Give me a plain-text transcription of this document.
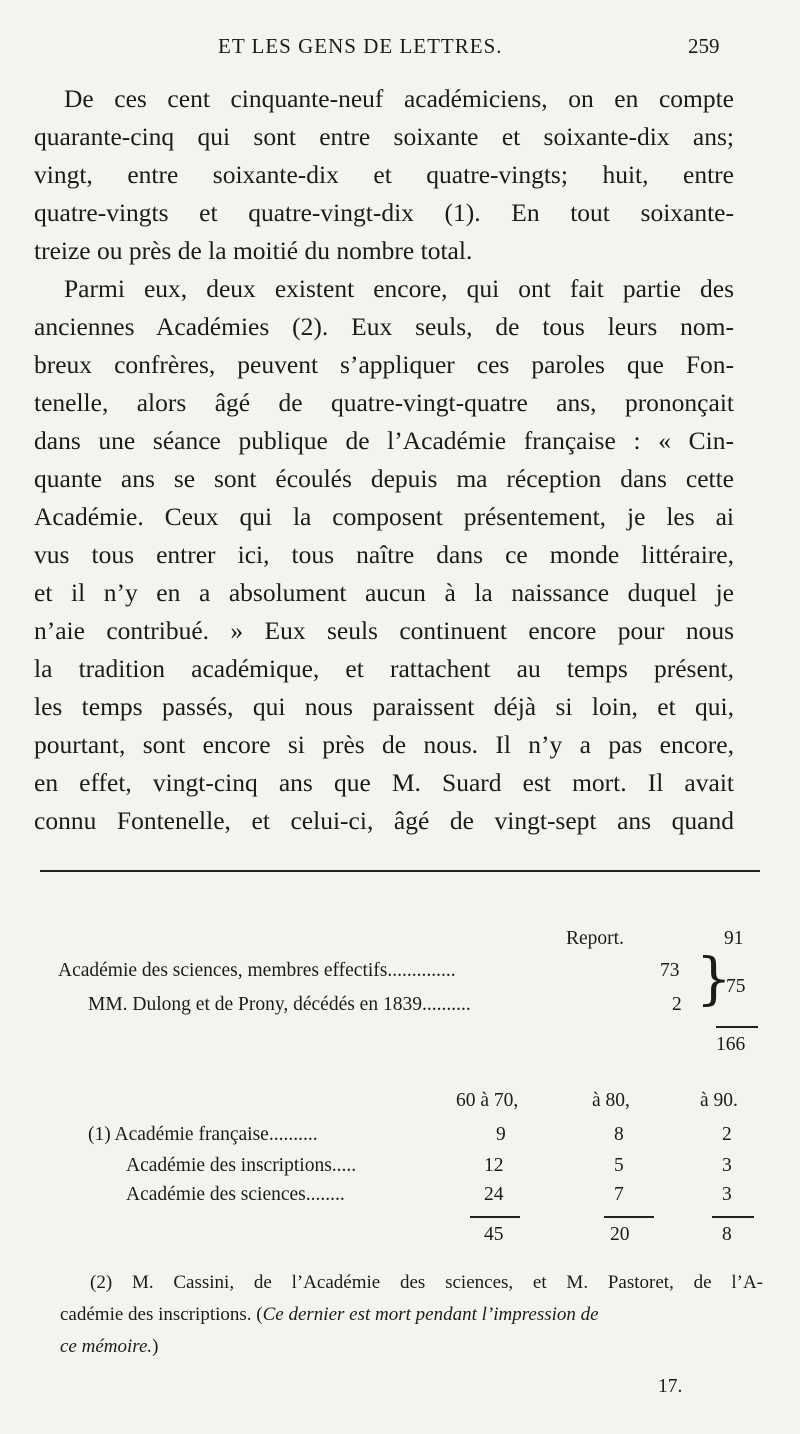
ET LES GENS DE LETTRES.	259
De ces cent cinquante-neuf académiciens, on en compte
quarante-cinq qui sont entre soixante et soixante-dix ans;
vingt, entre soixante-dix et quatre-vingts; huit, entre
quatre-vingts et quatre-vingt-dix (1). En tout soixante-
treize ou près de la moitié du nombre total.
Parmi eux, deux existent encore, qui ont fait partie des
anciennes Académies (2). Eux seuls, de tous leurs nom-
breux confrères, peuvent s’appliquer ces paroles que Fon-
tenelle, alors âgé de quatre-vingt-quatre ans, prononçait
dans une séance publique de l’Académie française : « Cin-
quante ans se sont écoulés depuis ma réception dans cette
Académie. Ceux qui la composent présentement, je les ai
vus tous entrer ici, tous naître dans ce monde littéraire,
et il n’y en a absolument aucun à la naissance duquel je
n’aie contribué. » Eux seuls continuent encore pour nous
la tradition académique, et rattachent au temps présent,
les temps passés, qui nous paraissent déjà si loin, et qui,
pourtant, sont encore si près de nous. Il n’y a pas encore,
en effet, vingt-cinq ans que M. Suard est mort. Il avait
connu Fontenelle, et celui-ci, âgé de vingt-sept ans quand
Report.	91
Académie des sciences, membres effectifs..............	73
MM. Dulong et de Prony, décédés en 1839..........	2 }
75
166
60 à 70,	à 80,	à 90.
(1) Académie française..........	9	8	2
Académie des inscriptions.....	12	5	3
Académie des sciences........	24	7	3
45	20	8
(2) M. Cassini, de l’Académie des sciences, et M. Pastoret, de l’A-
cadémie des inscriptions. (Ce dernier est mort pendant l’impression de
ce mémoire.)
17.
